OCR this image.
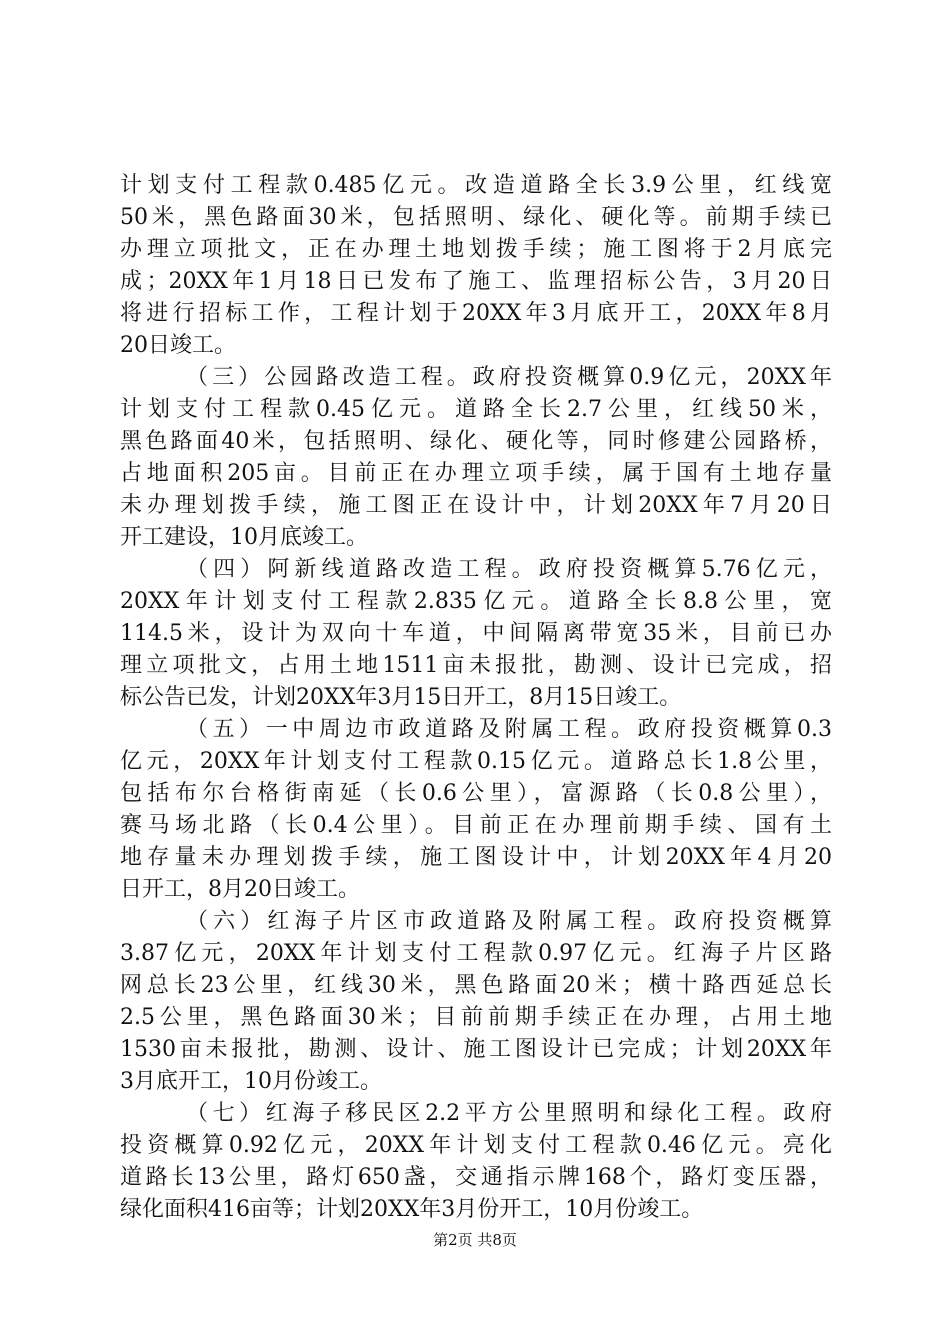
计划支付工程款0.485亿元。改造道路全长3.9公里，红线宽
50米，黑色路面30米，包括照明、绿化、硬化等。前期手续已
办理立项批文，正在办理土地划拨手续；施工图将于2月底完
成；20XX年1月18日已发布了施工、监理招标公告，3月20日
将进行招标工作，工程计划于20XX年3月底开工，20XX年8月
20日竣工。
（三）公园路改造工程。政府投资概算0.9亿元，20XX年
计划支付工程款0.45亿元。道路全长2.7公里，红线50米，
黑色路面40米，包括照明、绿化、硬化等，同时修建公园路桥，
占地面积205亩。目前正在办理立项手续，属于国有土地存量
未办理划拨手续，施工图正在设计中，计划20XX年7月20日
开工建设，10月底竣工。
（四）阿新线道路改造工程。政府投资概算5.76亿元，
20XX年计划支付工程款2.835亿元。道路全长8.8公里，宽
114.5米，设计为双向十车道，中间隔离带宽35米，目前已办
理立项批文，占用土地1511亩未报批，勘测、设计已完成，招
标公告已发，计划20XX年3月15日开工，8月15日竣工。
（五）一中周边市政道路及附属工程。政府投资概算0.3
亿元，20XX年计划支付工程款0.15亿元。道路总长1.8公里，
包括布尔台格街南延（长0.6公里），富源路（长0.8公里），
赛马场北路（长0.4公里）。目前正在办理前期手续、国有土
地存量未办理划拨手续，施工图设计中，计划20XX年4月20
日开工，8月20日竣工。
（六）红海子片区市政道路及附属工程。政府投资概算
3.87亿元，20XX年计划支付工程款0.97亿元。红海子片区路
网总长23公里，红线30米，黑色路面20米；横十路西延总长
2.5公里，黑色路面30米；目前前期手续正在办理，占用土地
1530亩未报批，勘测、设计、施工图设计已完成；计划20XX年
3月底开工，10月份竣工。
（七）红海子移民区2.2平方公里照明和绿化工程。政府
投资概算0.92亿元，20XX年计划支付工程款0.46亿元。亮化
道路长13公里，路灯650盏，交通指示牌168个，路灯变压器，
绿化面积416亩等；计划20XX年3月份开工，10月份竣工。
第2页 共8页
